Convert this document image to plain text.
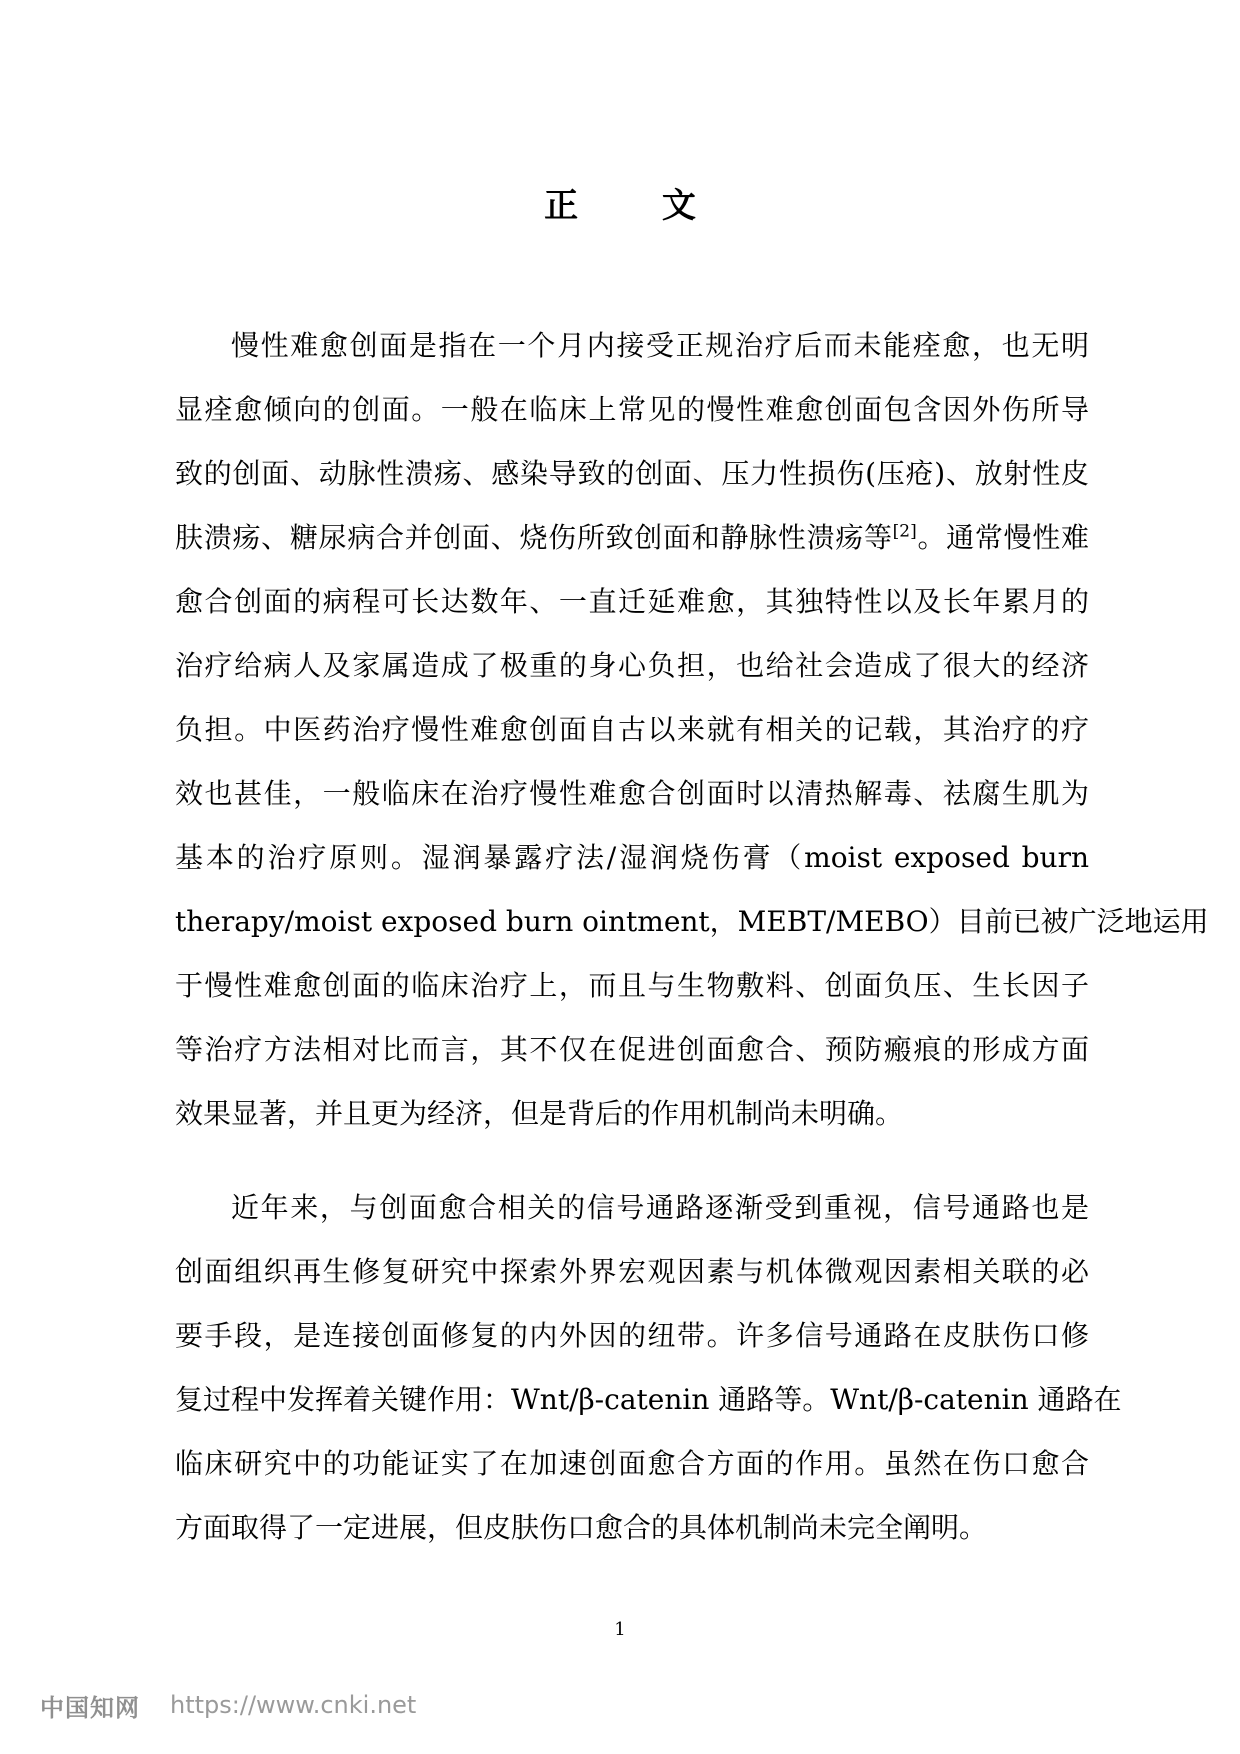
正 文
慢性难愈创面是指在一个月内接受正规治疗后而未能痊愈，也无明
显痊愈倾向的创面。一般在临床上常见的慢性难愈创面包含因外伤所导
致的创面、动脉性溃疡、感染导致的创面、压力性损伤(压疮)、放射性皮
肤溃疡、糖尿病合并创面、烧伤所致创面和静脉性溃疡等[2]。通常慢性难
愈合创面的病程可长达数年、一直迁延难愈，其独特性以及长年累月的
治疗给病人及家属造成了极重的身心负担，也给社会造成了很大的经济
负担。中医药治疗慢性难愈创面自古以来就有相关的记载，其治疗的疗
效也甚佳，一般临床在治疗慢性难愈合创面时以清热解毒、祛腐生肌为
基本的治疗原则。湿润暴露疗法/湿润烧伤膏（moist exposed burn
therapy/moist exposed burn ointment，MEBT/MEBO）目前已被广泛地运用
于慢性难愈创面的临床治疗上，而且与生物敷料、创面负压、生长因子
等治疗方法相对比而言，其不仅在促进创面愈合、预防瘢痕的形成方面
效果显著，并且更为经济，但是背后的作用机制尚未明确。
近年来，与创面愈合相关的信号通路逐渐受到重视，信号通路也是
创面组织再生修复研究中探索外界宏观因素与机体微观因素相关联的必
要手段，是连接创面修复的内外因的纽带。许多信号通路在皮肤伤口修
复过程中发挥着关键作用：Wnt/β-catenin 通路等。Wnt/β-catenin 通路在
临床研究中的功能证实了在加速创面愈合方面的作用。虽然在伤口愈合
方面取得了一定进展，但皮肤伤口愈合的具体机制尚未完全阐明。
1
中国知网 https://www.cnki.net
